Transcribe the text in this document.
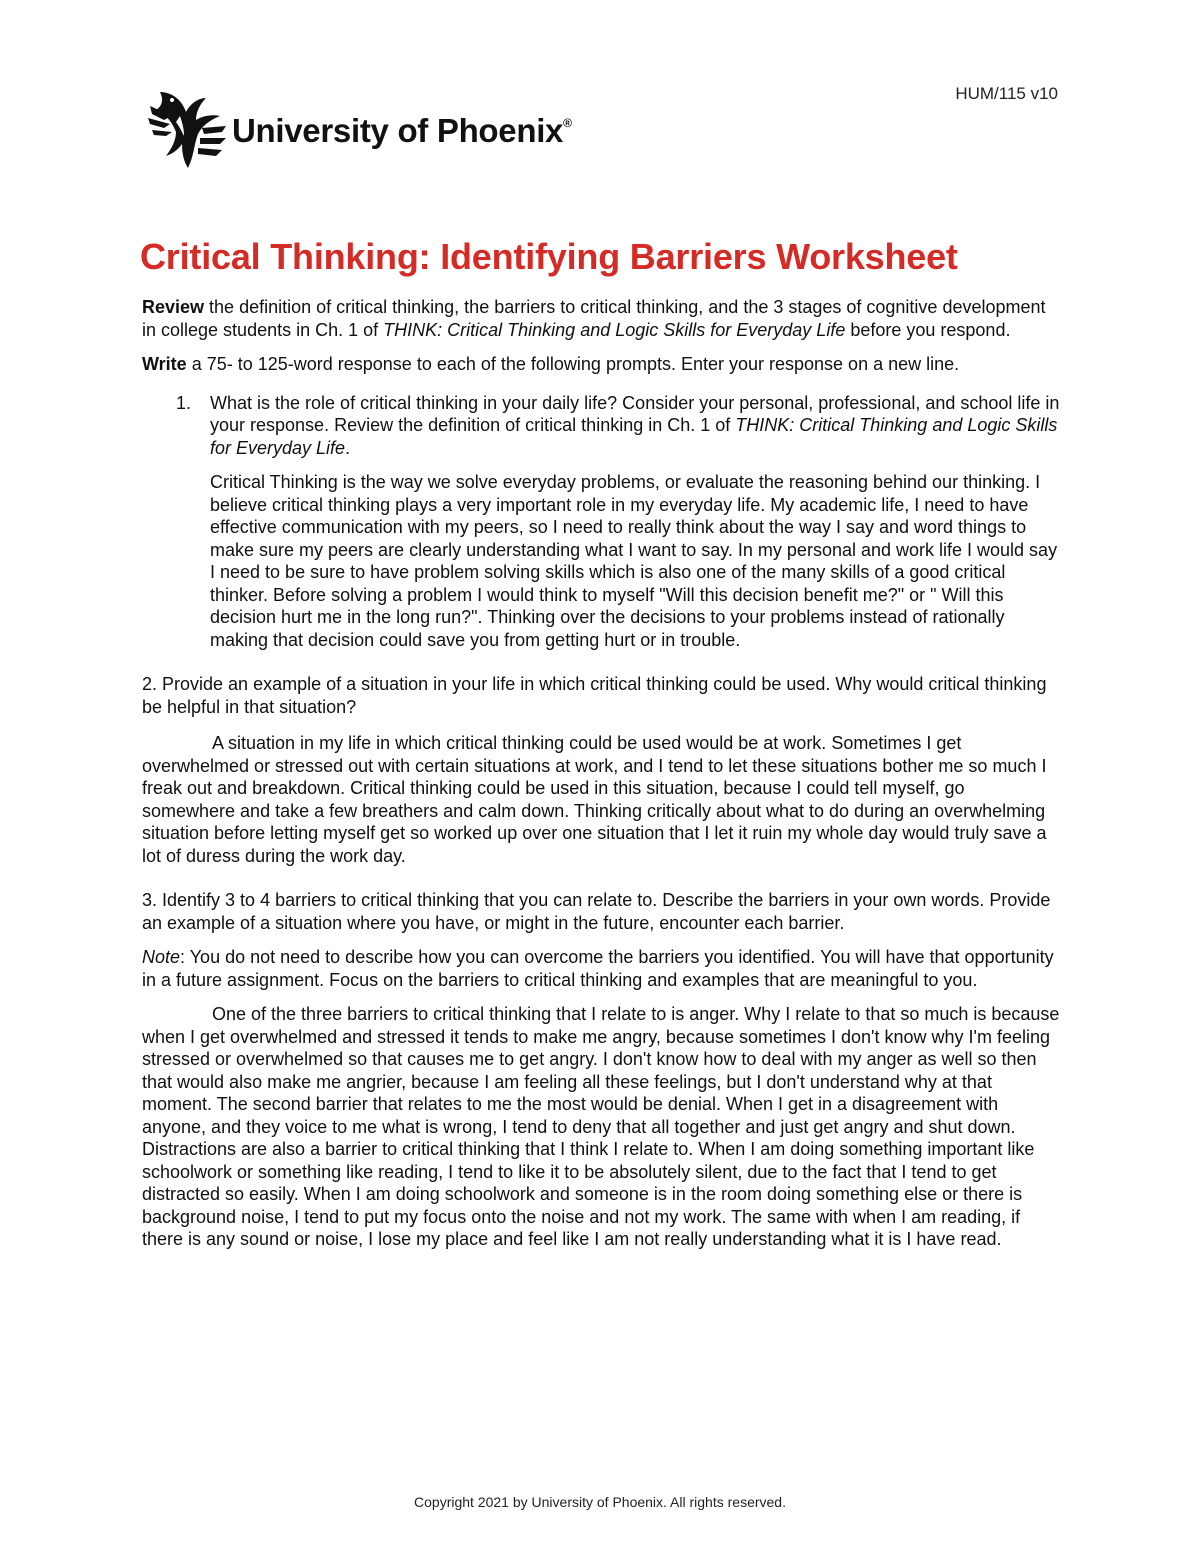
HUM/115 v10
University of Phoenix®
Critical Thinking: Identifying Barriers Worksheet

Review the definition of critical thinking, the barriers to critical thinking, and the 3 stages of cognitive development in college students in Ch. 1 of THINK: Critical Thinking and Logic Skills for Everyday Life before you respond.

Write a 75- to 125-word response to each of the following prompts. Enter your response on a new line.

1.	What is the role of critical thinking in your daily life? Consider your personal, professional, and school life in your response. Review the definition of critical thinking in Ch. 1 of THINK: Critical Thinking and Logic Skills for Everyday Life.

Critical Thinking is the way we solve everyday problems, or evaluate the reasoning behind our thinking. I believe critical thinking plays a very important role in my everyday life. My academic life, I need to have effective communication with my peers, so I need to really think about the way I say and word things to make sure my peers are clearly understanding what I want to say. In my personal and work life I would say I need to be sure to have problem solving skills which is also one of the many skills of a good critical thinker. Before solving a problem I would think to myself "Will this decision benefit me?" or " Will this decision hurt me in the long run?". Thinking over the decisions to your problems instead of rationally making that decision could save you from getting hurt or in trouble.

2. Provide an example of a situation in your life in which critical thinking could be used. Why would critical thinking be helpful in that situation?

A situation in my life in which critical thinking could be used would be at work. Sometimes I get overwhelmed or stressed out with certain situations at work, and I tend to let these situations bother me so much I freak out and breakdown. Critical thinking could be used in this situation, because I could tell myself, go somewhere and take a few breathers and calm down. Thinking critically about what to do during an overwhelming situation before letting myself get so worked up over one situation that I let it ruin my whole day would truly save a lot of duress during the work day.

3. Identify 3 to 4 barriers to critical thinking that you can relate to. Describe the barriers in your own words. Provide an example of a situation where you have, or might in the future, encounter each barrier.

Note: You do not need to describe how you can overcome the barriers you identified. You will have that opportunity in a future assignment. Focus on the barriers to critical thinking and examples that are meaningful to you.

One of the three barriers to critical thinking that I relate to is anger. Why I relate to that so much is because when I get overwhelmed and stressed it tends to make me angry, because sometimes I don't know why I'm feeling stressed or overwhelmed so that causes me to get angry. I don't know how to deal with my anger as well so then that would also make me angrier, because I am feeling all these feelings, but I don't understand why at that moment. The second barrier that relates to me the most would be denial. When I get in a disagreement with anyone, and they voice to me what is wrong, I tend to deny that all together and just get angry and shut down. Distractions are also a barrier to critical thinking that I think I relate to. When I am doing something important like schoolwork or something like reading, I tend to like it to be absolutely silent, due to the fact that I tend to get distracted so easily. When I am doing schoolwork and someone is in the room doing something else or there is background noise, I tend to put my focus onto the noise and not my work. The same with when I am reading, if there is any sound or noise, I lose my place and feel like I am not really understanding what it is I have read.

Copyright 2021 by University of Phoenix. All rights reserved.
